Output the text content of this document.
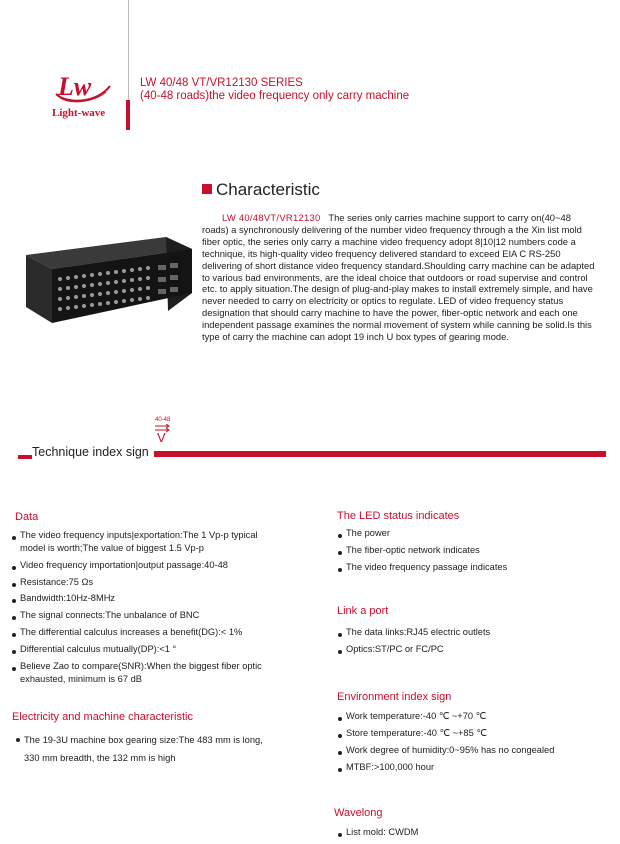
Lw
Light-wave
LW 40/48 VT/VR12130 SERIES
(40-48 roads)the video frequency only carry machine
Characteristic
LW 40/48VT/VR12130 The series only carries machine support to carry on(40~48 roads) a synchronously delivering of the number video frequency through a the Xin list mold fiber optic, the series only carry a machine video frequency adopt 8|10|12 numbers code a technique, its high-quality video frequency delivered standard to exceed EIA C RS-250 delivering of short distance video frequency standard.Shoulding carry machine can be adapted to various bad environments, are the ideal choice that outdoors or road supervise and control etc. to apply situation.The design of plug-and-play makes to install extremely simple, and have never needed to carry on electricity or optics to regulate. LED of video frequency status designation that should carry machine to have the power, fiber-optic network and each one independent passage examines the normal movement of system while canning be solid.Is this type of carry the machine can adopt 19 inch U box types of gearing mode.
40-48
V
Technique index sign
Data
The video frequency inputs|exportation:The 1 Vp-p typical
model is worth;The value of biggest 1.5 Vp-p
Video frequency importation|output passage:40-48
Resistance:75 Ωs
Bandwidth:10Hz-8MHz
The signal connects:The unbalance of BNC
The differential calculus increases a benefit(DG):< 1%
Differential calculus mutually(DP):<1 °
Believe Zao to compare(SNR):When the biggest fiber optic
exhausted, minimum is 67 dB
Electricity and machine characteristic
The 19-3U machine box gearing size:The 483 mm is long,
330 mm breadth, the 132 mm is high
The LED status indicates
The power
The fiber-optic network indicates
The video frequency passage indicates
Link a port
The data links:RJ45 electric outlets
Optics:ST/PC or FC/PC
Environment index sign
Work temperature:-40 ℃ ~+70 ℃
Store temperature:-40 ℃ ~+85 ℃
Work degree of humidity:0~95% has no congealed
MTBF:>100,000 hour
Wavelong
List mold: CWDM
